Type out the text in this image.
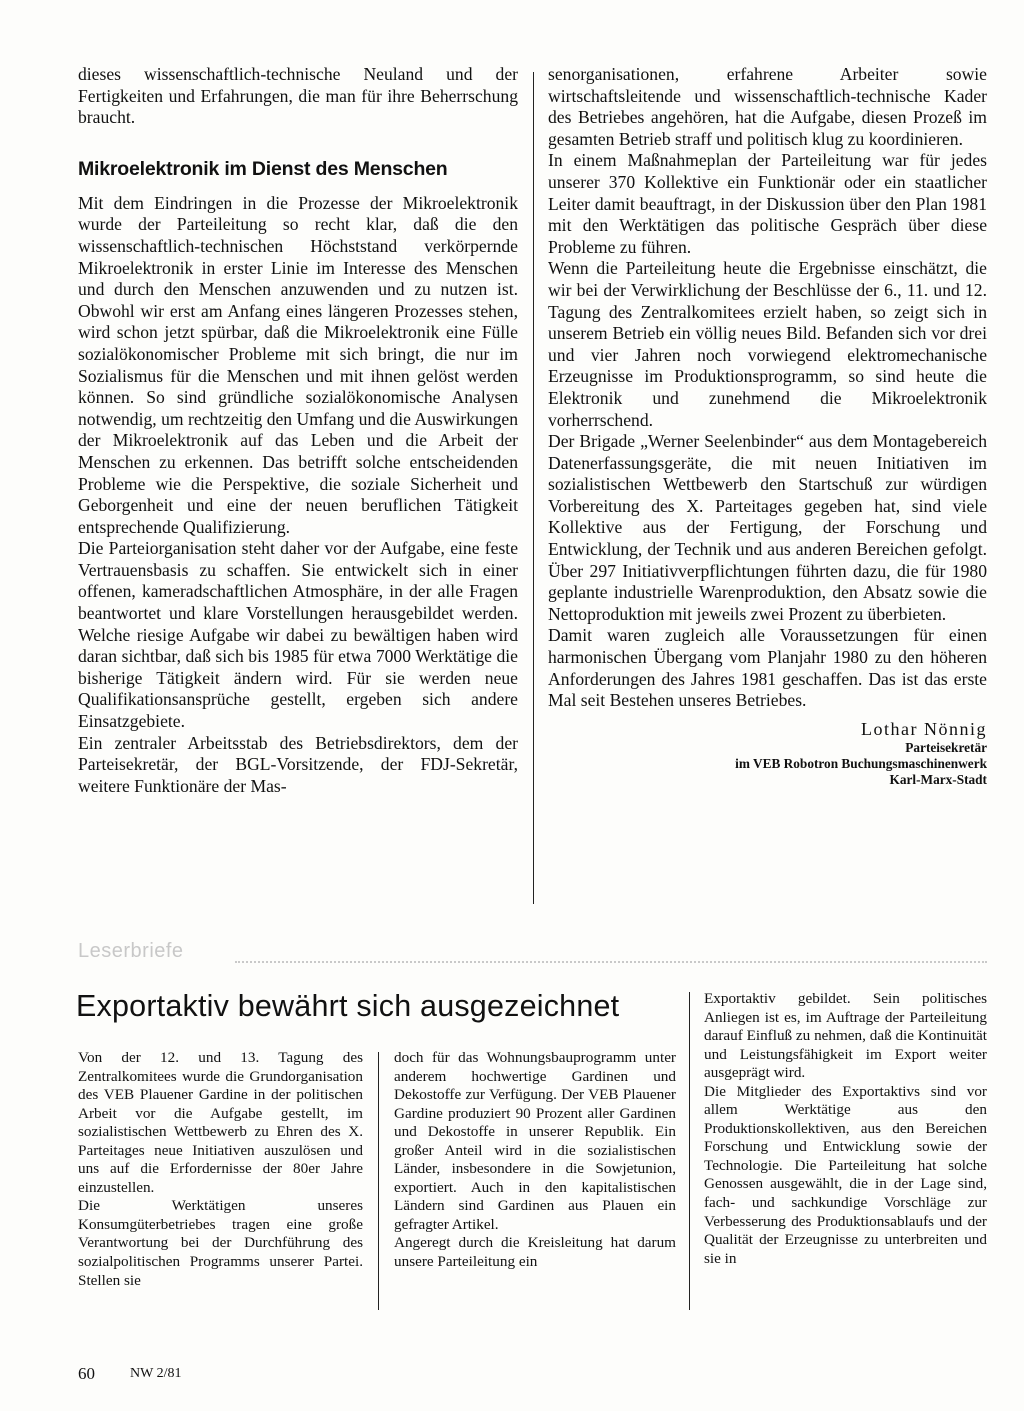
dieses wissenschaftlich-technische Neuland und der Fertigkeiten und Erfahrungen, die man für ihre Beherrschung braucht.

Mikroelektronik im Dienst des Menschen

Mit dem Eindringen in die Prozesse der Mikroelektronik wurde der Parteileitung so recht klar, daß die den wissenschaftlich-technischen Höchststand verkörpernde Mikroelektronik in erster Linie im Interesse des Menschen und durch den Menschen anzuwenden und zu nutzen ist. Obwohl wir erst am Anfang eines längeren Prozesses stehen, wird schon jetzt spürbar, daß die Mikroelektronik eine Fülle sozialökonomischer Probleme mit sich bringt, die nur im Sozialismus für die Menschen und mit ihnen gelöst werden können. So sind gründliche sozialökonomische Analysen notwendig, um rechtzeitig den Umfang und die Auswirkungen der Mikroelektronik auf das Leben und die Arbeit der Menschen zu erkennen. Das betrifft solche entscheidenden Probleme wie die Perspektive, die soziale Sicherheit und Geborgenheit und eine der neuen beruflichen Tätigkeit entsprechende Qualifizierung.

Die Parteiorganisation steht daher vor der Aufgabe, eine feste Vertrauensbasis zu schaffen. Sie entwickelt sich in einer offenen, kameradschaftlichen Atmosphäre, in der alle Fragen beantwortet und klare Vorstellungen herausgebildet werden. Welche riesige Aufgabe wir dabei zu bewältigen haben wird daran sichtbar, daß sich bis 1985 für etwa 7000 Werktätige die bisherige Tätigkeit ändern wird. Für sie werden neue Qualifikationsansprüche gestellt, ergeben sich andere Einsatzgebiete.

Ein zentraler Arbeitsstab des Betriebsdirektors, dem der Parteisekretär, der BGL-Vorsitzende, der FDJ-Sekretär, weitere Funktionäre der Mas-

senorganisationen, erfahrene Arbeiter sowie wirtschaftsleitende und wissenschaftlich-technische Kader des Betriebes angehören, hat die Aufgabe, diesen Prozeß im gesamten Betrieb straff und politisch klug zu koordinieren.

In einem Maßnahmeplan der Parteileitung war für jedes unserer 370 Kollektive ein Funktionär oder ein staatlicher Leiter damit beauftragt, in der Diskussion über den Plan 1981 mit den Werktätigen das politische Gespräch über diese Probleme zu führen.

Wenn die Parteileitung heute die Ergebnisse einschätzt, die wir bei der Verwirklichung der Beschlüsse der 6., 11. und 12. Tagung des Zentralkomitees erzielt haben, so zeigt sich in unserem Betrieb ein völlig neues Bild. Befanden sich vor drei und vier Jahren noch vorwiegend elektromechanische Erzeugnisse im Produktionsprogramm, so sind heute die Elektronik und zunehmend die Mikroelektronik vorherrschend.

Der Brigade „Werner Seelenbinder“ aus dem Montagebereich Datenerfassungsgeräte, die mit neuen Initiativen im sozialistischen Wettbewerb den Startschuß zur würdigen Vorbereitung des X. Parteitages gegeben hat, sind viele Kollektive aus der Fertigung, der Forschung und Entwicklung, der Technik und aus anderen Bereichen gefolgt. Über 297 Initiativverpflichtungen führten dazu, die für 1980 geplante industrielle Warenproduktion, den Absatz sowie die Nettoproduktion mit jeweils zwei Prozent zu überbieten.

Damit waren zugleich alle Voraussetzungen für einen harmonischen Übergang vom Planjahr 1980 zu den höheren Anforderungen des Jahres 1981 geschaffen. Das ist das erste Mal seit Bestehen unseres Betriebes.

Lothar Nönnig
Parteisekretär
im VEB Robotron Buchungsmaschinenwerk
Karl-Marx-Stadt
Leserbriefe
Exportaktiv bewährt sich ausgezeichnet

Von der 12. und 13. Tagung des Zentralkomitees wurde die Grundorganisation des VEB Plauener Gardine in der politischen Arbeit vor die Aufgabe gestellt, im sozialistischen Wettbewerb zu Ehren des X. Parteitages neue Initiativen auszulösen und uns auf die Erfordernisse der 80er Jahre einzustellen.

Die Werktätigen unseres Konsumgüterbetriebes tragen eine große Verantwortung bei der Durchführung des sozialpolitischen Programms unserer Partei. Stellen sie

doch für das Wohnungsbauprogramm unter anderem hochwertige Gardinen und Dekostoffe zur Verfügung. Der VEB Plauener Gardine produziert 90 Prozent aller Gardinen und Dekostoffe in unserer Republik. Ein großer Anteil wird in die sozialistischen Länder, insbesondere in die Sowjetunion, exportiert. Auch in den kapitalistischen Ländern sind Gardinen aus Plauen ein gefragter Artikel.

Angeregt durch die Kreisleitung hat darum unsere Parteileitung ein

Exportaktiv gebildet. Sein politisches Anliegen ist es, im Auftrage der Parteileitung darauf Einfluß zu nehmen, daß die Kontinuität und Leistungsfähigkeit im Export weiter ausgeprägt wird.

Die Mitglieder des Exportaktivs sind vor allem Werktätige aus den Produktionskollektiven, aus den Bereichen Forschung und Entwicklung sowie der Technologie. Die Parteileitung hat solche Genossen ausgewählt, die in der Lage sind, fach- und sachkundige Vorschläge zur Verbesserung des Produktionsablaufs und der Qualität der Erzeugnisse zu unterbreiten und sie in

60	NW 2/81
